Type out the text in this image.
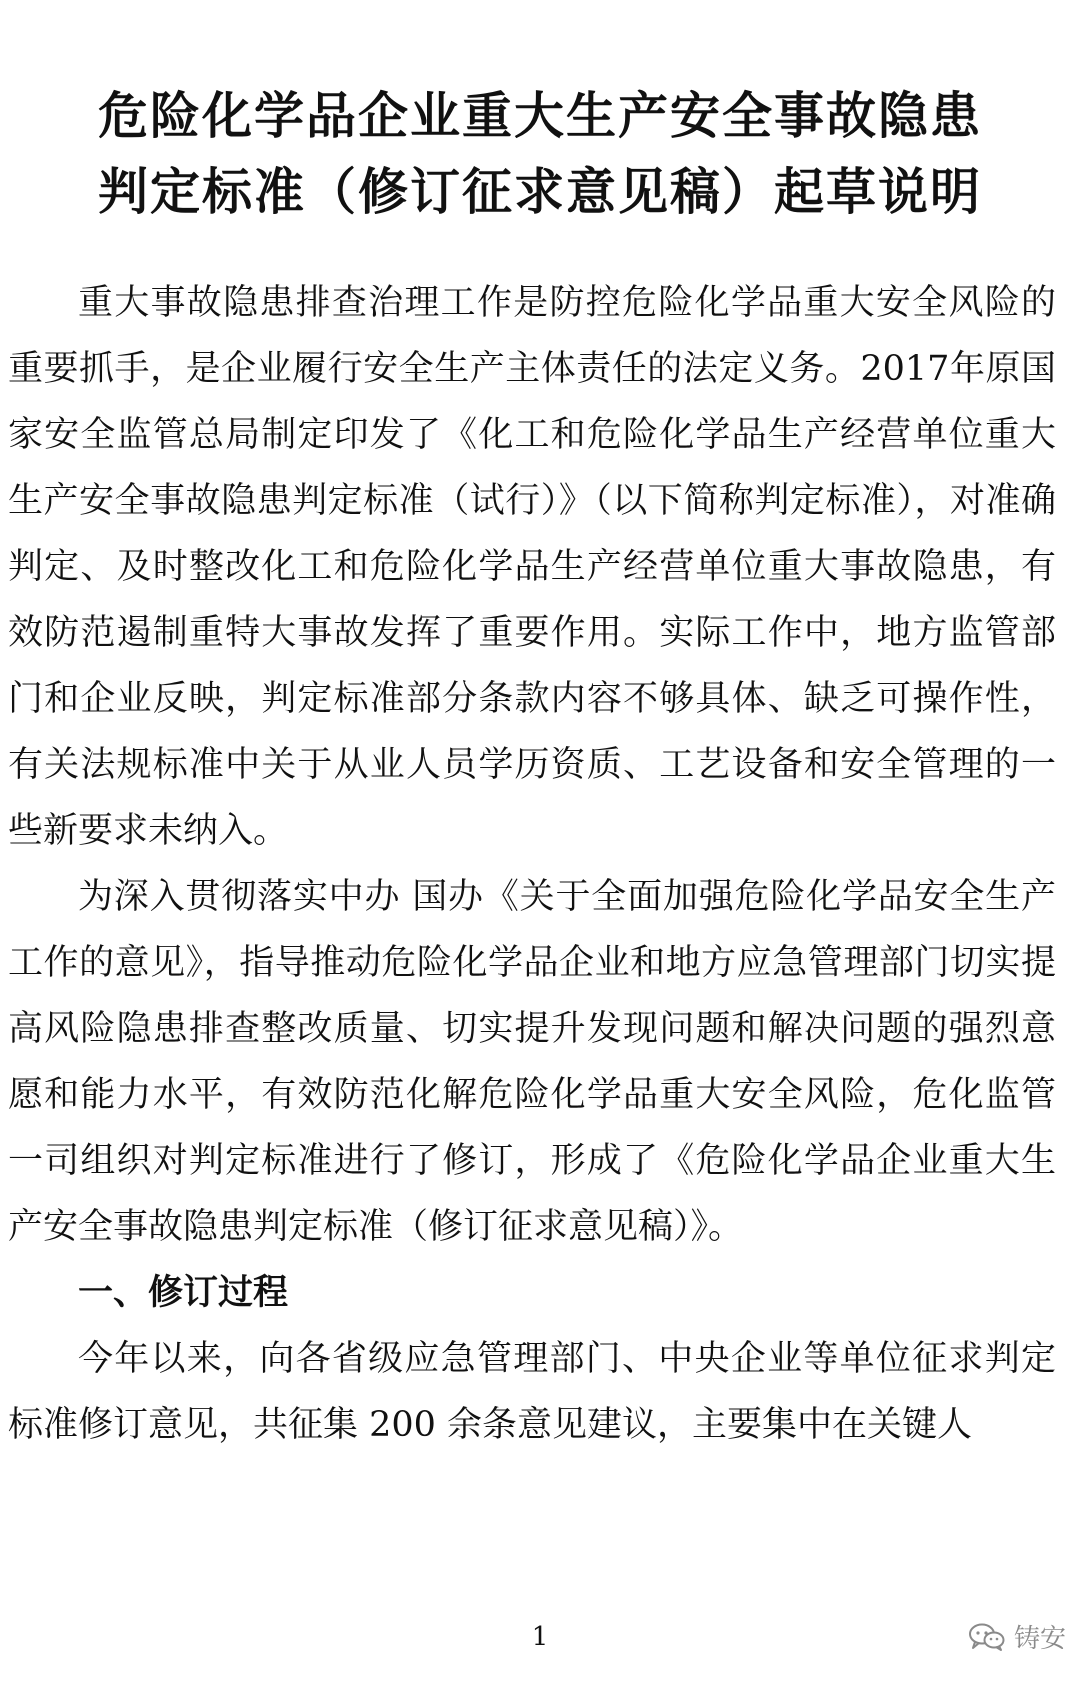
危险化学品企业重大生产安全事故隐患
判定标准（修订征求意见稿）起草说明

重大事故隐患排查治理工作是防控危险化学品重大安全风险的重要抓手，是企业履行安全生产主体责任的法定义务。2017年原国家安全监管总局制定印发了《化工和危险化学品生产经营单位重大生产安全事故隐患判定标准（试行）》（以下简称判定标准），对准确判定、及时整改化工和危险化学品生产经营单位重大事故隐患，有效防范遏制重特大事故发挥了重要作用。实际工作中，地方监管部门和企业反映，判定标准部分条款内容不够具体、缺乏可操作性，有关法规标准中关于从业人员学历资质、工艺设备和安全管理的一些新要求未纳入。

为深入贯彻落实中办 国办《关于全面加强危险化学品安全生产工作的意见》，指导推动危险化学品企业和地方应急管理部门切实提高风险隐患排查整改质量、切实提升发现问题和解决问题的强烈意愿和能力水平，有效防范化解危险化学品重大安全风险，危化监管一司组织对判定标准进行了修订，形成了《危险化学品企业重大生产安全事故隐患判定标准（修订征求意见稿）》。

一、修订过程

今年以来，向各省级应急管理部门、中央企业等单位征求判定标准修订意见，共征集 200 余条意见建议，主要集中在关键人

1	铸安
